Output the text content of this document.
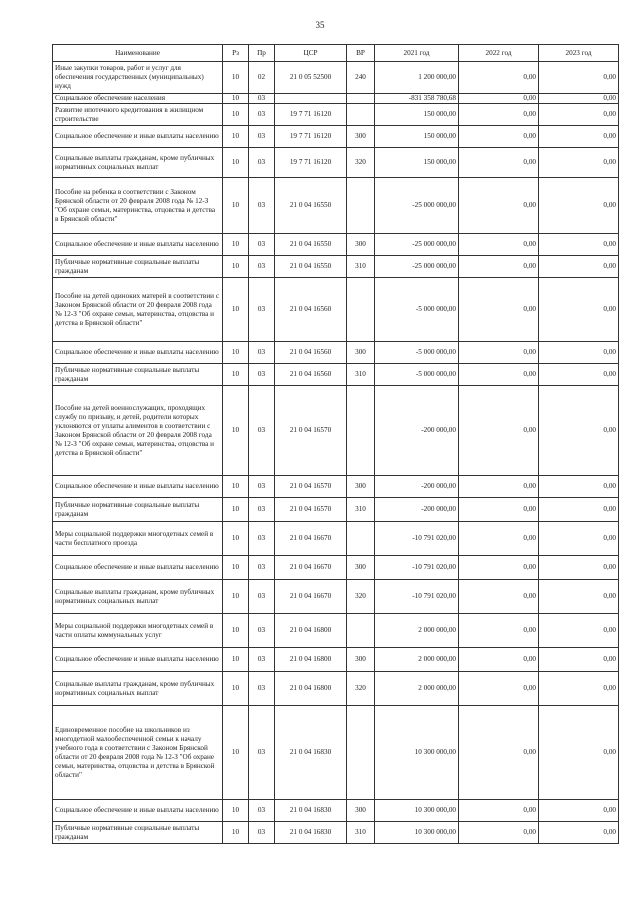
35
Наименование	Рз	Пр	ЦСР	ВР	2021 год	2022 год	2023 год
Иные закупки товаров, работ и услуг для обеспечения государственных (муниципальных) нужд	10	02	21 0 05 52500	240	1 200 000,00	0,00	0,00
Социальное обеспечение населения	10	03			-831 358 780,68	0,00	0,00
Развитие ипотечного кредитования в жилищном строительстве	10	03	19 7 71 16120		150 000,00	0,00	0,00
Социальное обеспечение и иные выплаты населению	10	03	19 7 71 16120	300	150 000,00	0,00	0,00
Социальные выплаты гражданам, кроме публичных нормативных социальных выплат	10	03	19 7 71 16120	320	150 000,00	0,00	0,00
Пособие на ребенка в соответствии с Законом Брянской области от 20 февраля 2008 года № 12-З "Об охране семьи, материнства, отцовства и детства в Брянской области"	10	03	21 0 04 16550		-25 000 000,00	0,00	0,00
Социальное обеспечение и иные выплаты населению	10	03	21 0 04 16550	300	-25 000 000,00	0,00	0,00
Публичные нормативные социальные выплаты гражданам	10	03	21 0 04 16550	310	-25 000 000,00	0,00	0,00
Пособие на детей одиноких матерей в соответствии с Законом Брянской области от 20 февраля 2008 года № 12-З "Об охране семьи, материнства, отцовства и детства в Брянской области"	10	03	21 0 04 16560		-5 000 000,00	0,00	0,00
Социальное обеспечение и иные выплаты населению	10	03	21 0 04 16560	300	-5 000 000,00	0,00	0,00
Публичные нормативные социальные выплаты гражданам	10	03	21 0 04 16560	310	-5 000 000,00	0,00	0,00
Пособие на детей военнослужащих, проходящих службу по призыву, и детей, родители которых уклоняются от уплаты алиментов в соответствии с Законом Брянской области от 20 февраля 2008 года № 12-З "Об охране семьи, материнства, отцовства и детства в Брянской области"	10	03	21 0 04 16570		-200 000,00	0,00	0,00
Социальное обеспечение и иные выплаты населению	10	03	21 0 04 16570	300	-200 000,00	0,00	0,00
Публичные нормативные социальные выплаты гражданам	10	03	21 0 04 16570	310	-200 000,00	0,00	0,00
Меры социальной поддержки многодетных семей в части бесплатного проезда	10	03	21 0 04 16670		-10 791 020,00	0,00	0,00
Социальное обеспечение и иные выплаты населению	10	03	21 0 04 16670	300	-10 791 020,00	0,00	0,00
Социальные выплаты гражданам, кроме публичных нормативных социальных выплат	10	03	21 0 04 16670	320	-10 791 020,00	0,00	0,00
Меры социальной поддержки многодетных семей в части оплаты коммунальных услуг	10	03	21 0 04 16800		2 000 000,00	0,00	0,00
Социальное обеспечение и иные выплаты населению	10	03	21 0 04 16800	300	2 000 000,00	0,00	0,00
Социальные выплаты гражданам, кроме публичных нормативных социальных выплат	10	03	21 0 04 16800	320	2 000 000,00	0,00	0,00
Единовременное пособие на школьников из многодетной малообеспеченной семьи к началу учебного года в соответствии с Законом Брянской области от 20 февраля 2008 года № 12-З "Об охране семьи, материнства, отцовства и детства в Брянской области"	10	03	21 0 04 16830		10 300 000,00	0,00	0,00
Социальное обеспечение и иные выплаты населению	10	03	21 0 04 16830	300	10 300 000,00	0,00	0,00
Публичные нормативные социальные выплаты гражданам	10	03	21 0 04 16830	310	10 300 000,00	0,00	0,00
